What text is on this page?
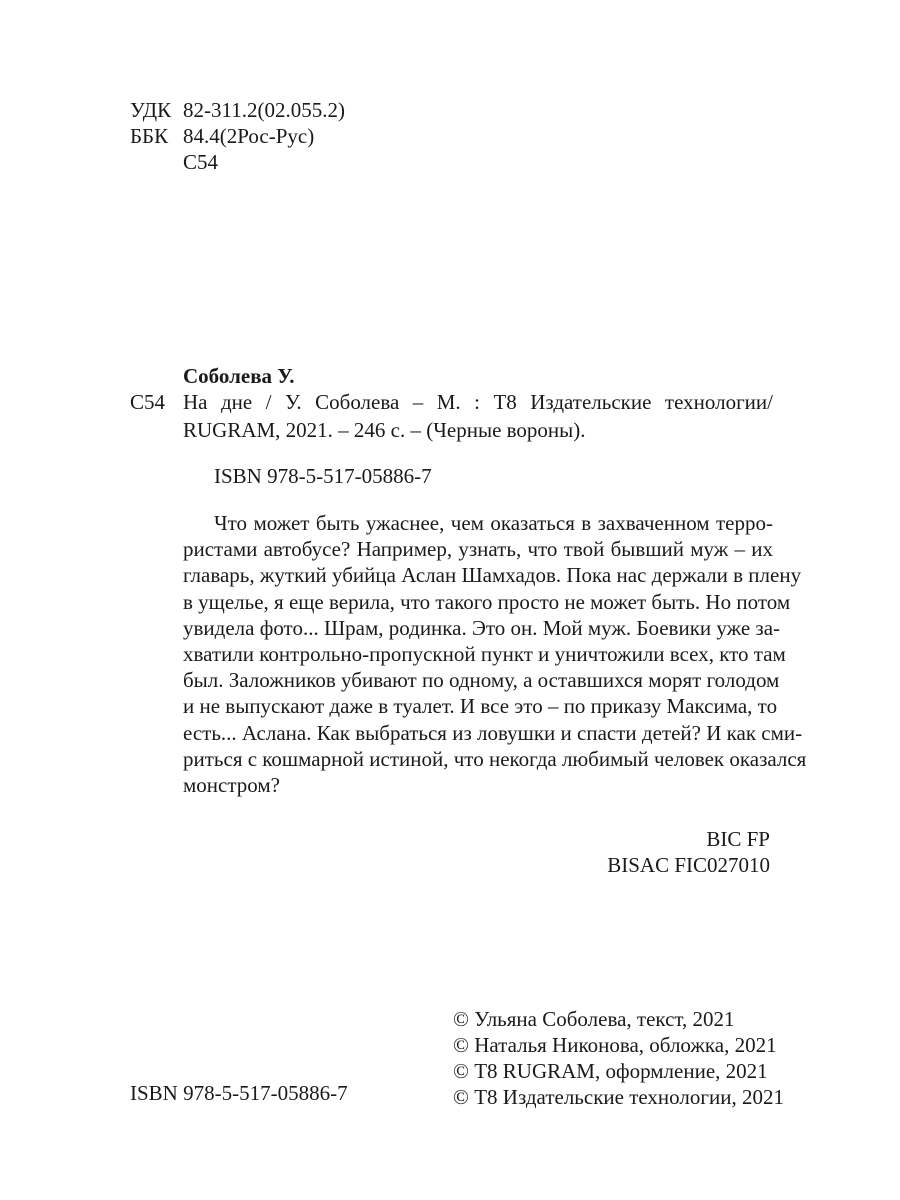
УДК 82-311.2(02.055.2)
ББК 84.4(2Рос-Рус)
С54
Соболева У.
С54 На дне / У. Соболева – М. : Т8 Издательские технологии/
RUGRAM, 2021. – 246 с. – (Черные вороны).
ISBN 978-5-517-05886-7
Что может быть ужаснее, чем оказаться в захваченном терро-
ристами автобусе? Например, узнать, что твой бывший муж – их
главарь, жуткий убийца Аслан Шамхадов. Пока нас держали в плену
в ущелье, я еще верила, что такого просто не может быть. Но потом
увидела фото... Шрам, родинка. Это он. Мой муж. Боевики уже за-
хватили контрольно-пропускной пункт и уничтожили всех, кто там
был. Заложников убивают по одному, а оставшихся морят голодом
и не выпускают даже в туалет. И все это – по приказу Максима, то
есть... Аслана. Как выбраться из ловушки и спасти детей? И как сми-
риться с кошмарной истиной, что некогда любимый человек оказался
монстром?
BIC FP
BISAC FIC027010
© Ульяна Соболева, текст, 2021
© Наталья Никонова, обложка, 2021
© Т8 RUGRAM, оформление, 2021
© Т8 Издательские технологии, 2021
ISBN 978-5-517-05886-7
